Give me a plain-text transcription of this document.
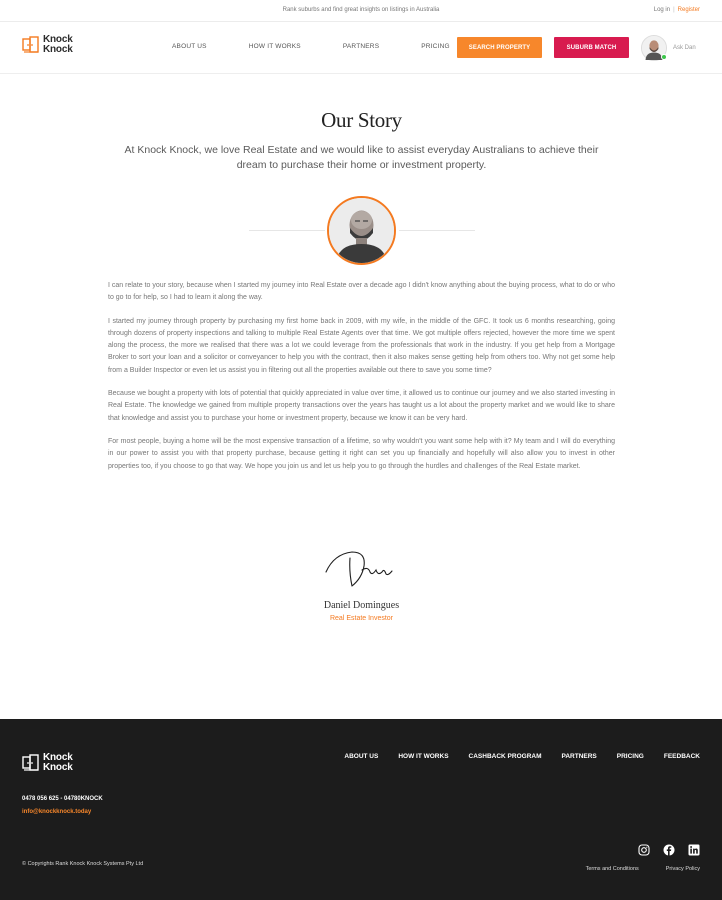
Rank suburbs and find great insights on listings in Australia	Log in | Register
Knock
Knock	ABOUT US	HOW IT WORKS	PARTNERS	PRICING	SEARCH PROPERTY	SUBURB MATCH	Ask Dan
Our Story
At Knock Knock, we love Real Estate and we would like to assist everyday Australians to achieve their dream to purchase their home or investment property.

I can relate to your story, because when I started my journey into Real Estate over a decade ago I didn't know anything about the buying process, what to do or who to go to for help, so I had to learn it along the way.

I started my journey through property by purchasing my first home back in 2009, with my wife, in the middle of the GFC. It took us 6 months researching, going through dozens of property inspections and talking to multiple Real Estate Agents over that time. We got multiple offers rejected, however the more time we spent along the process, the more we realised that there was a lot we could leverage from the professionals that work in the industry. If you get help from a Mortgage Broker to sort your loan and a solicitor or conveyancer to help you with the contract, then it also makes sense getting help from others too. Why not get some help from a Builder Inspector or even let us assist you in filtering out all the properties available out there to save you some time?

Because we bought a property with lots of potential that quickly appreciated in value over time, it allowed us to continue our journey and we also started investing in Real Estate. The knowledge we gained from multiple property transactions over the years has taught us a lot about the property market and we would like to share that knowledge and assist you to purchase your home or investment property, because we know it can be very hard.

For most people, buying a home will be the most expensive transaction of a lifetime, so why wouldn't you want some help with it? My team and I will do everything in our power to assist you with that property purchase, because getting it right can set you up financially and hopefully will also allow you to invest in other properties too, if you choose to go that way. We hope you join us and let us help you to go through the hurdles and challenges of the Real Estate market.

Daniel Domingues
Real Estate Investor
Knock
Knock
ABOUT US	HOW IT WORKS	CASHBACK PROGRAM	PARTNERS	PRICING	FEEDBACK
0478 056 625 - 04780KNOCK
info@knockknock.today
© Copyrights Rank Knock Knock Systems Pty Ltd
Terms and Conditions	Privacy Policy
